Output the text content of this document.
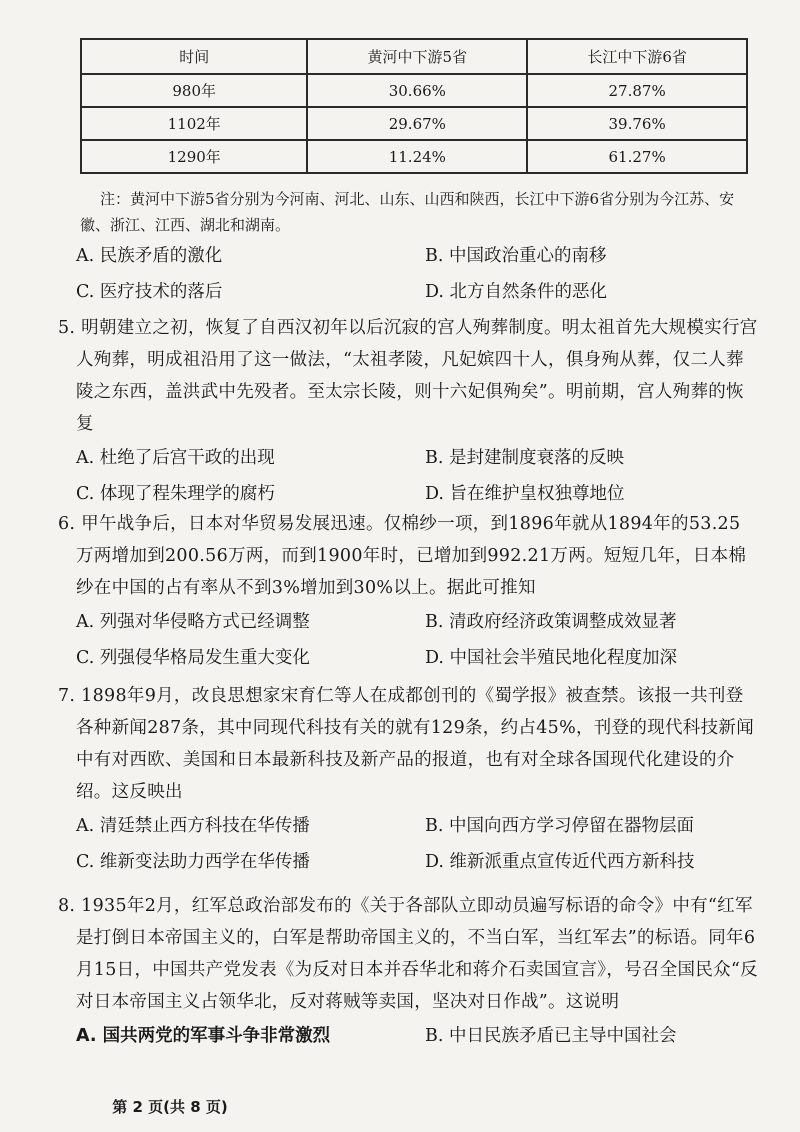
时间	黄河中下游5省	长江中下游6省
980年	30.66%	27.87%
1102年	29.67%	39.76%
1290年	11.24%	61.27%
注：黄河中下游5省分别为今河南、河北、山东、山西和陕西，长江中下游6省分别为今江苏、安徽、浙江、江西、湖北和湖南。
A. 民族矛盾的激化	B. 中国政治重心的南移
C. 医疗技术的落后	D. 北方自然条件的恶化

5. 明朝建立之初，恢复了自西汉初年以后沉寂的宫人殉葬制度。明太祖首先大规模实行宫人殉葬，明成祖沿用了这一做法，“太祖孝陵，凡妃嫔四十人，俱身殉从葬，仅二人葬陵之东西，盖洪武中先殁者。至太宗长陵，则十六妃俱殉矣”。明前期，宫人殉葬的恢复

A. 杜绝了后宫干政的出现	B. 是封建制度衰落的反映
C. 体现了程朱理学的腐朽	D. 旨在维护皇权独尊地位

6. 甲午战争后，日本对华贸易发展迅速。仅棉纱一项，到1896年就从1894年的53.25万两增加到200.56万两，而到1900年时，已增加到992.21万两。短短几年，日本棉纱在中国的占有率从不到3%增加到30%以上。据此可推知

A. 列强对华侵略方式已经调整	B. 清政府经济政策调整成效显著
C. 列强侵华格局发生重大变化	D. 中国社会半殖民地化程度加深

7. 1898年9月，改良思想家宋育仁等人在成都创刊的《蜀学报》被查禁。该报一共刊登各种新闻287条，其中同现代科技有关的就有129条，约占45%，刊登的现代科技新闻中有对西欧、美国和日本最新科技及新产品的报道，也有对全球各国现代化建设的介绍。这反映出

A. 清廷禁止西方科技在华传播	B. 中国向西方学习停留在器物层面
C. 维新变法助力西学在华传播	D. 维新派重点宣传近代西方新科技

8. 1935年2月，红军总政治部发布的《关于各部队立即动员遍写标语的命令》中有“红军是打倒日本帝国主义的，白军是帮助帝国主义的，不当白军，当红军去”的标语。同年6月15日，中国共产党发表《为反对日本并吞华北和蒋介石卖国宣言》，号召全国民众“反对日本帝国主义占领华北，反对蒋贼等卖国，坚决对日作战”。这说明

A. 国共两党的军事斗争非常激烈	B. 中日民族矛盾已主导中国社会
第 2 页(共 8 页)
